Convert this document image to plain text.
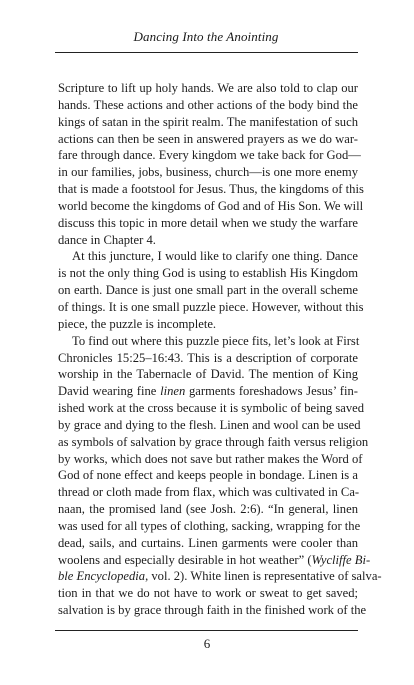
Dancing Into the Anointing
Scripture to lift up holy hands. We are also told to clap our
hands. These actions and other actions of the body bind the
kings of satan in the spirit realm. The manifestation of such
actions can then be seen in answered prayers as we do war-
fare through dance. Every kingdom we take back for God—
in our families, jobs, business, church—is one more enemy
that is made a footstool for Jesus. Thus, the kingdoms of this
world become the kingdoms of God and of His Son. We will
discuss this topic in more detail when we study the warfare
dance in Chapter 4.
At this juncture, I would like to clarify one thing. Dance
is not the only thing God is using to establish His Kingdom
on earth. Dance is just one small part in the overall scheme
of things. It is one small puzzle piece. However, without this
piece, the puzzle is incomplete.
To find out where this puzzle piece fits, let’s look at First
Chronicles 15:25–16:43. This is a description of corporate
worship in the Tabernacle of David. The mention of King
David wearing fine linen garments foreshadows Jesus’ fin-
ished work at the cross because it is symbolic of being saved
by grace and dying to the flesh. Linen and wool can be used
as symbols of salvation by grace through faith versus religion
by works, which does not save but rather makes the Word of
God of none effect and keeps people in bondage. Linen is a
thread or cloth made from flax, which was cultivated in Ca-
naan, the promised land (see Josh. 2:6). “In general, linen
was used for all types of clothing, sacking, wrapping for the
dead, sails, and curtains. Linen garments were cooler than
woolens and especially desirable in hot weather” (Wycliffe Bi-
ble Encyclopedia, vol. 2). White linen is representative of salva-
tion in that we do not have to work or sweat to get saved;
salvation is by grace through faith in the finished work of the
6
